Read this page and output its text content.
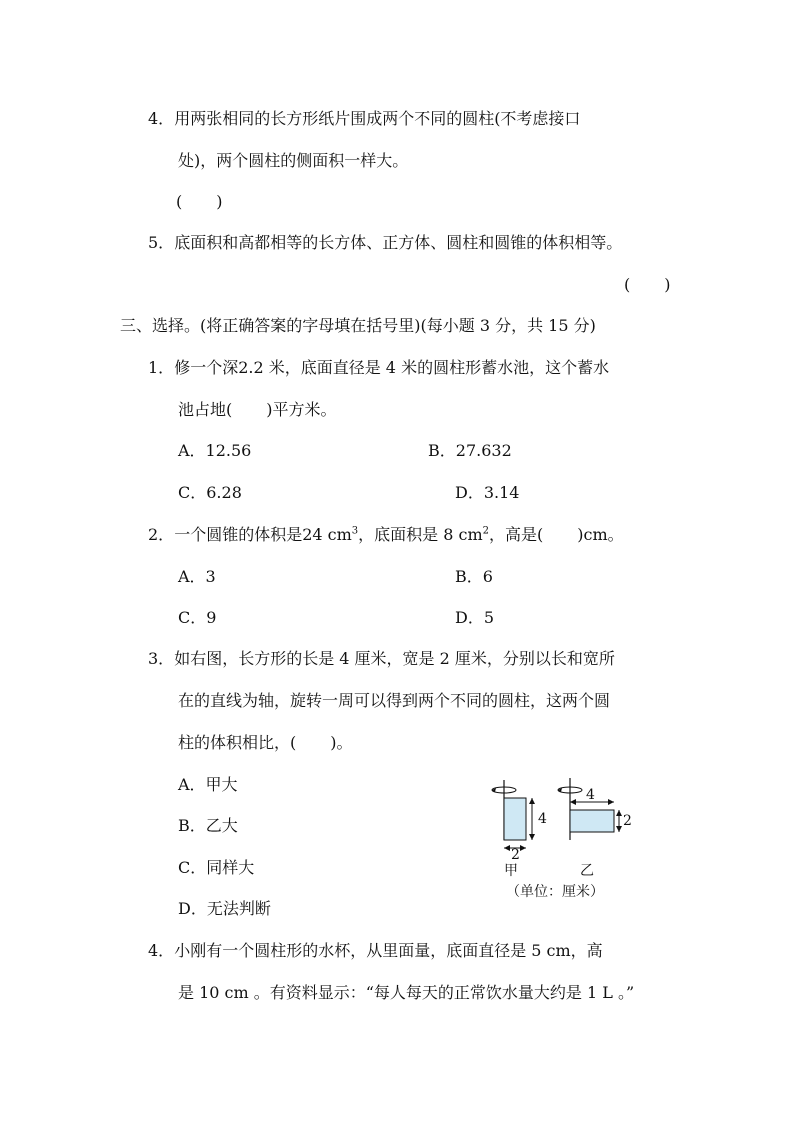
4．用两张相同的长方形纸片围成两个不同的圆柱(不考虑接口
处)，两个圆柱的侧面积一样大。
( )
5．底面积和高都相等的长方体、正方体、圆柱和圆锥的体积相等。
( )
三、选择。(将正确答案的字母填在括号里)(每小题 3 分，共 15 分)
1．修一个深2.2 米，底面直径是 4 米的圆柱形蓄水池，这个蓄水
池占地( )平方米。
A．12.56	B．27.632
C．6.28	D．3.14
2．一个圆锥的体积是24 $cm^3$，底面积是 8 $cm^2$，高是( )cm。
A．3	B．6
C．9	D．5
3．如右图，长方形的长是 4 厘米，宽是 2 厘米，分别以长和宽所
在的直线为轴，旋转一周可以得到两个不同的圆柱，这两个圆
柱的体积相比，( )。
A．甲大
B．乙大
C．同样大
D．无法判断
4
2
甲
4
2
乙
（单位：厘米）
4．小刚有一个圆柱形的水杯，从里面量，底面直径是 5 cm，高
是 10 cm 。有资料显示：“每人每天的正常饮水量大约是 1 L 。”
